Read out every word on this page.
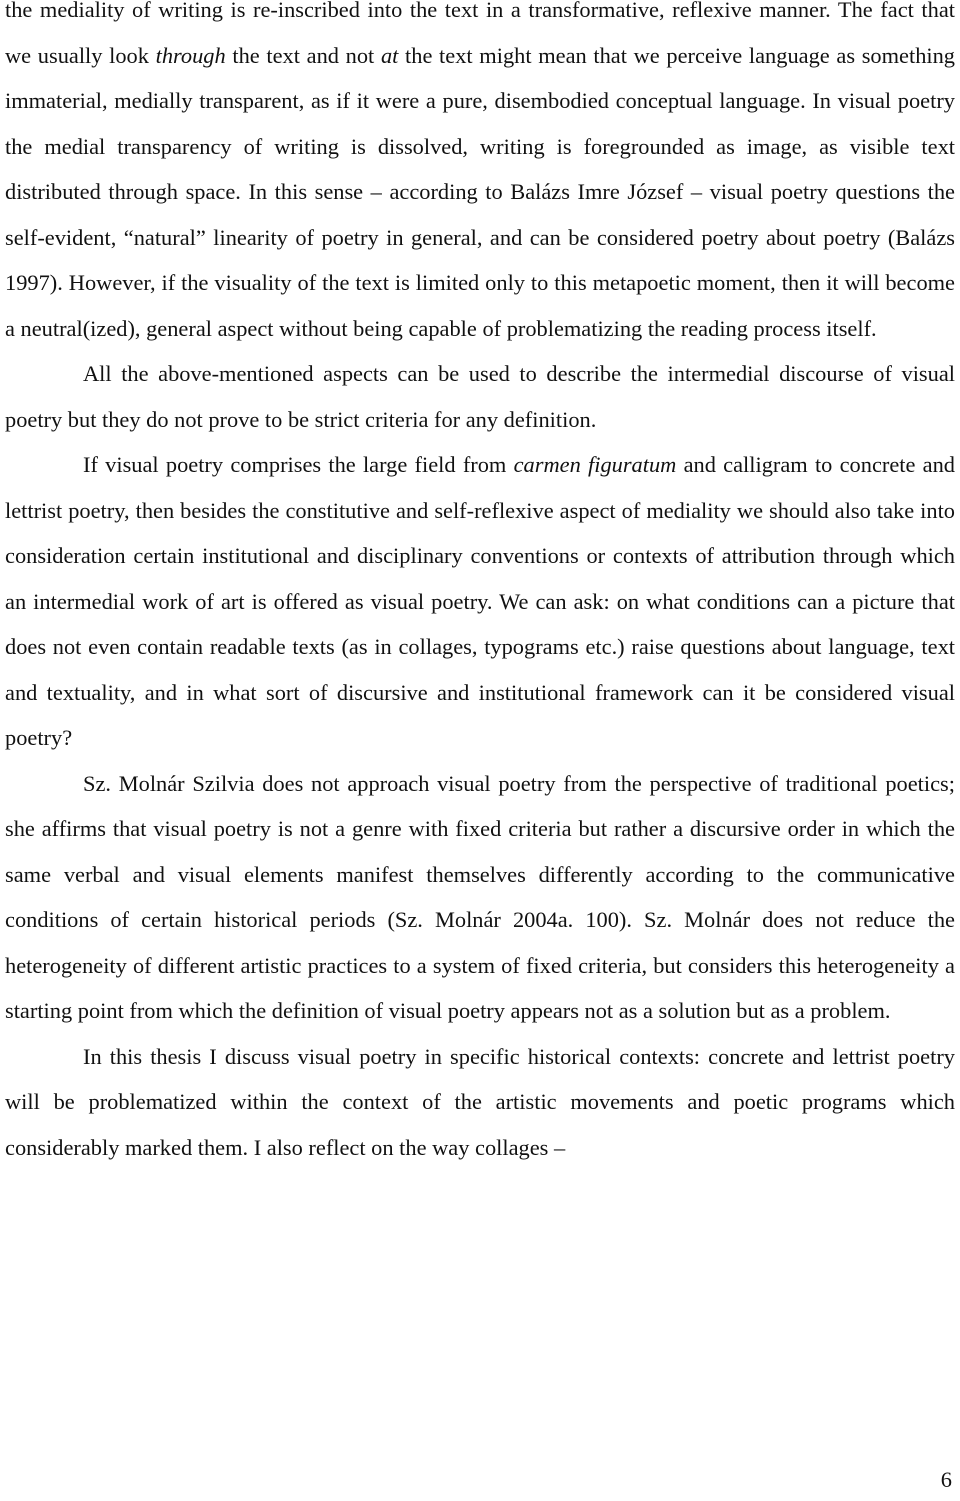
the mediality of writing is re-inscribed into the text in a transformative, reflexive manner. The fact that we usually look through the text and not at the text might mean that we perceive language as something immaterial, medially transparent, as if it were a pure, disembodied conceptual language. In visual poetry the medial transparency of writing is dissolved, writing is foregrounded as image, as visible text distributed through space. In this sense – according to Balázs Imre József – visual poetry questions the self-evident, “natural” linearity of poetry in general, and can be considered poetry about poetry (Balázs 1997). However, if the visuality of the text is limited only to this metapoetic moment, then it will become a neutral(ized), general aspect without being capable of problematizing the reading process itself.

All the above-mentioned aspects can be used to describe the intermedial discourse of visual poetry but they do not prove to be strict criteria for any definition.

If visual poetry comprises the large field from carmen figuratum and calligram to concrete and lettrist poetry, then besides the constitutive and self-reflexive aspect of mediality we should also take into consideration certain institutional and disciplinary conventions or contexts of attribution through which an intermedial work of art is offered as visual poetry. We can ask: on what conditions can a picture that does not even contain readable texts (as in collages, typograms etc.) raise questions about language, text and textuality, and in what sort of discursive and institutional framework can it be considered visual poetry?

Sz. Molnár Szilvia does not approach visual poetry from the perspective of traditional poetics; she affirms that visual poetry is not a genre with fixed criteria but rather a discursive order in which the same verbal and visual elements manifest themselves differently according to the communicative conditions of certain historical periods (Sz. Molnár 2004a. 100). Sz. Molnár does not reduce the heterogeneity of different artistic practices to a system of fixed criteria, but considers this heterogeneity a starting point from which the definition of visual poetry appears not as a solution but as a problem.

In this thesis I discuss visual poetry in specific historical contexts: concrete and lettrist poetry will be problematized within the context of the artistic movements and poetic programs which considerably marked them. I also reflect on the way collages –

6
